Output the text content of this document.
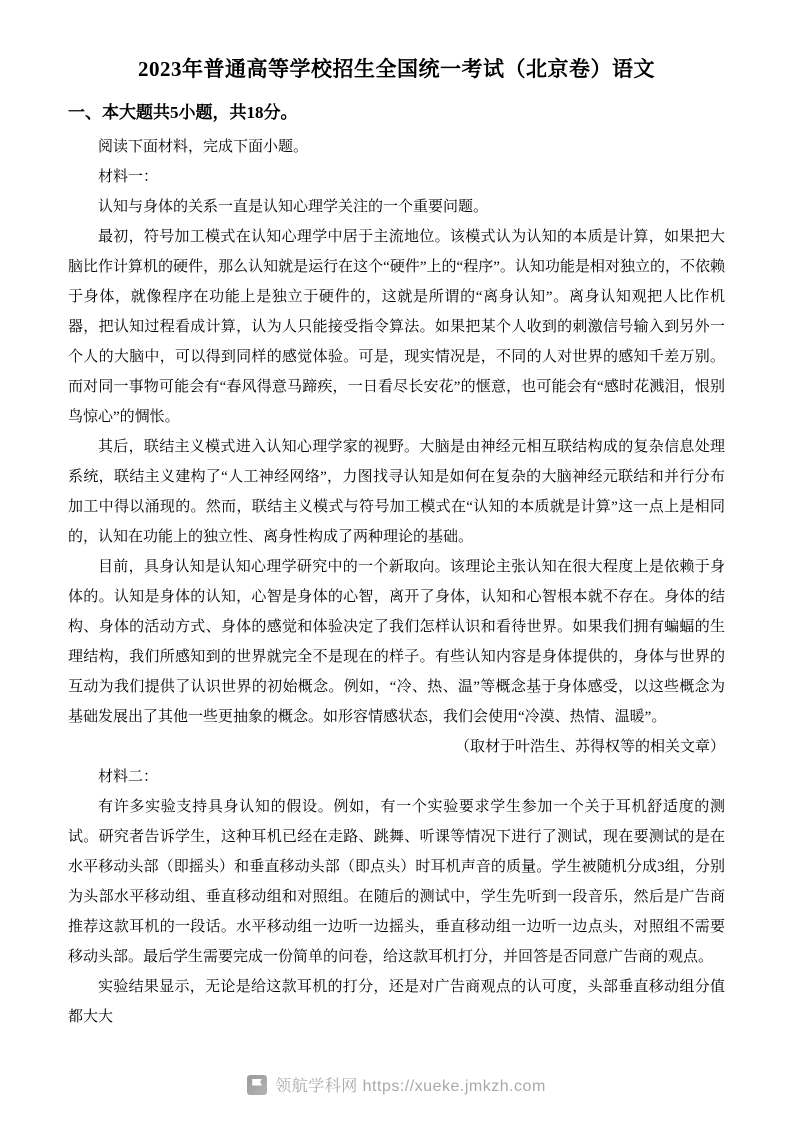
2023年普通高等学校招生全国统一考试（北京卷）语文
一、本大题共5小题，共18分。

阅读下面材料，完成下面小题。

材料一：

认知与身体的关系一直是认知心理学关注的一个重要问题。

最初，符号加工模式在认知心理学中居于主流地位。该模式认为认知的本质是计算，如果把大脑比作计算机的硬件，那么认知就是运行在这个“硬件”上的“程序”。认知功能是相对独立的，不依赖于身体，就像程序在功能上是独立于硬件的，这就是所谓的“离身认知”。离身认知观把人比作机器，把认知过程看成计算，认为人只能接受指令算法。如果把某个人收到的刺激信号输入到另外一个人的大脑中，可以得到同样的感觉体验。可是，现实情况是，不同的人对世界的感知千差万别。而对同一事物可能会有“春风得意马蹄疾，一日看尽长安花”的惬意，也可能会有“感时花溅泪，恨别鸟惊心”的惆怅。

其后，联结主义模式进入认知心理学家的视野。大脑是由神经元相互联结构成的复杂信息处理系统，联结主义建构了“人工神经网络”，力图找寻认知是如何在复杂的大脑神经元联结和并行分布加工中得以涌现的。然而，联结主义模式与符号加工模式在“认知的本质就是计算”这一点上是相同的，认知在功能上的独立性、离身性构成了两种理论的基础。

目前，具身认知是认知心理学研究中的一个新取向。该理论主张认知在很大程度上是依赖于身体的。认知是身体的认知，心智是身体的心智，离开了身体，认知和心智根本就不存在。身体的结构、身体的活动方式、身体的感觉和体验决定了我们怎样认识和看待世界。如果我们拥有蝙蝠的生理结构，我们所感知到的世界就完全不是现在的样子。有些认知内容是身体提供的，身体与世界的互动为我们提供了认识世界的初始概念。例如，“冷、热、温”等概念基于身体感受，以这些概念为基础发展出了其他一些更抽象的概念。如形容情感状态，我们会使用“冷漠、热情、温暖”。

（取材于叶浩生、苏得权等的相关文章）

材料二：

有许多实验支持具身认知的假设。例如，有一个实验要求学生参加一个关于耳机舒适度的测试。研究者告诉学生，这种耳机已经在走路、跳舞、听课等情况下进行了测试，现在要测试的是在水平移动头部（即摇头）和垂直移动头部（即点头）时耳机声音的质量。学生被随机分成3组，分别为头部水平移动组、垂直移动组和对照组。在随后的测试中，学生先听到一段音乐，然后是广告商推荐这款耳机的一段话。水平移动组一边听一边摇头，垂直移动组一边听一边点头，对照组不需要移动头部。最后学生需要完成一份简单的问卷，给这款耳机打分，并回答是否同意广告商的观点。

实验结果显示，无论是给这款耳机的打分，还是对广告商观点的认可度，头部垂直移动组分值都大大

领航学科网 https://xueke.jmkzh.com
